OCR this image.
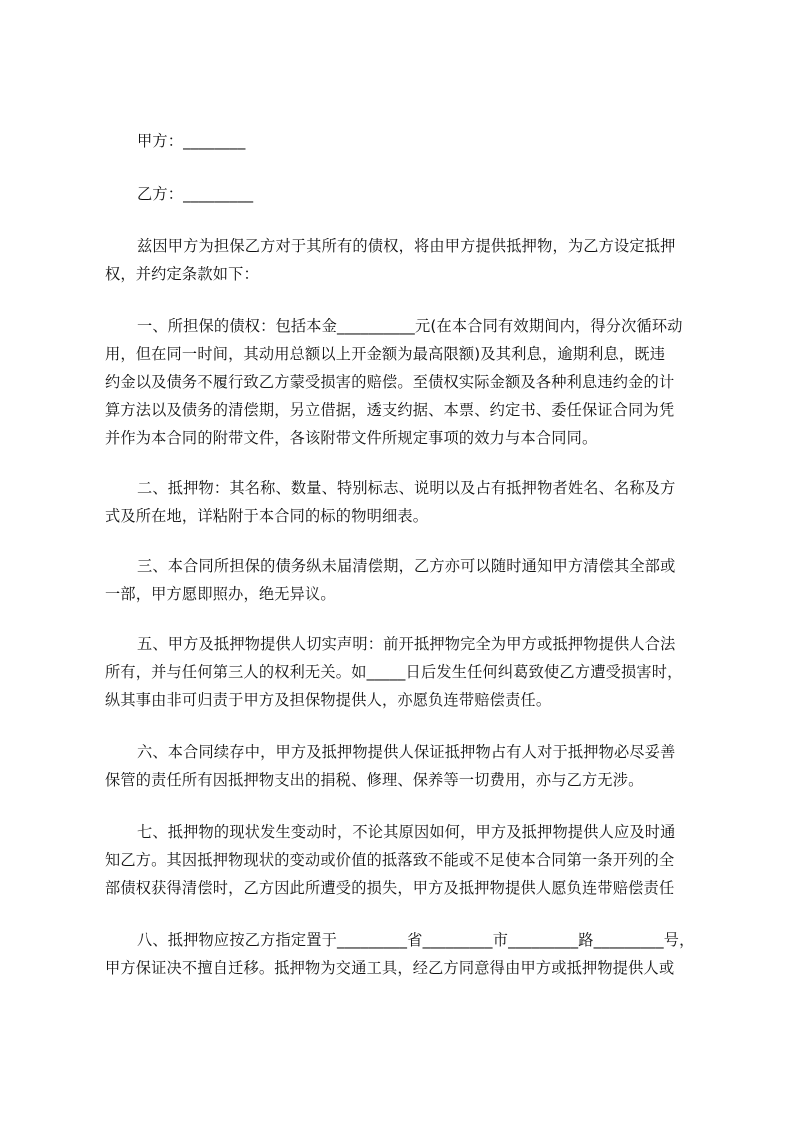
甲方：________
乙方：_________
兹因甲方为担保乙方对于其所有的债权，将由甲方提供抵押物，为乙方设定抵押
权，并约定条款如下：
一、所担保的债权：包括本金__________元(在本合同有效期间内，得分次循环动
用，但在同一时间，其动用总额以上开金额为最高限额)及其利息，逾期利息，既违
约金以及债务不履行致乙方蒙受损害的赔偿。至债权实际金额及各种利息违约金的计
算方法以及债务的清偿期，另立借据，透支约据、本票、约定书、委任保证合同为凭
并作为本合同的附带文件，各该附带文件所规定事项的效力与本合同同。
二、抵押物：其名称、数量、特别标志、说明以及占有抵押物者姓名、名称及方
式及所在地，详粘附于本合同的标的物明细表。
三、本合同所担保的债务纵未届清偿期，乙方亦可以随时通知甲方清偿其全部或
一部，甲方愿即照办，绝无异议。
五、甲方及抵押物提供人切实声明：前开抵押物完全为甲方或抵押物提供人合法
所有，并与任何第三人的权利无关。如_____日后发生任何纠葛致使乙方遭受损害时，
纵其事由非可归责于甲方及担保物提供人，亦愿负连带赔偿责任。
六、本合同续存中，甲方及抵押物提供人保证抵押物占有人对于抵押物必尽妥善
保管的责任所有因抵押物支出的捐税、修理、保养等一切费用，亦与乙方无涉。
七、抵押物的现状发生变动时，不论其原因如何，甲方及抵押物提供人应及时通
知乙方。其因抵押物现状的变动或价值的抵落致不能或不足使本合同第一条开列的全
部债权获得清偿时，乙方因此所遭受的损失，甲方及抵押物提供人愿负连带赔偿责任
八、抵押物应按乙方指定置于_________省_________市_________路_________号，
甲方保证决不擅自迁移。抵押物为交通工具，经乙方同意得由甲方或抵押物提供人或
